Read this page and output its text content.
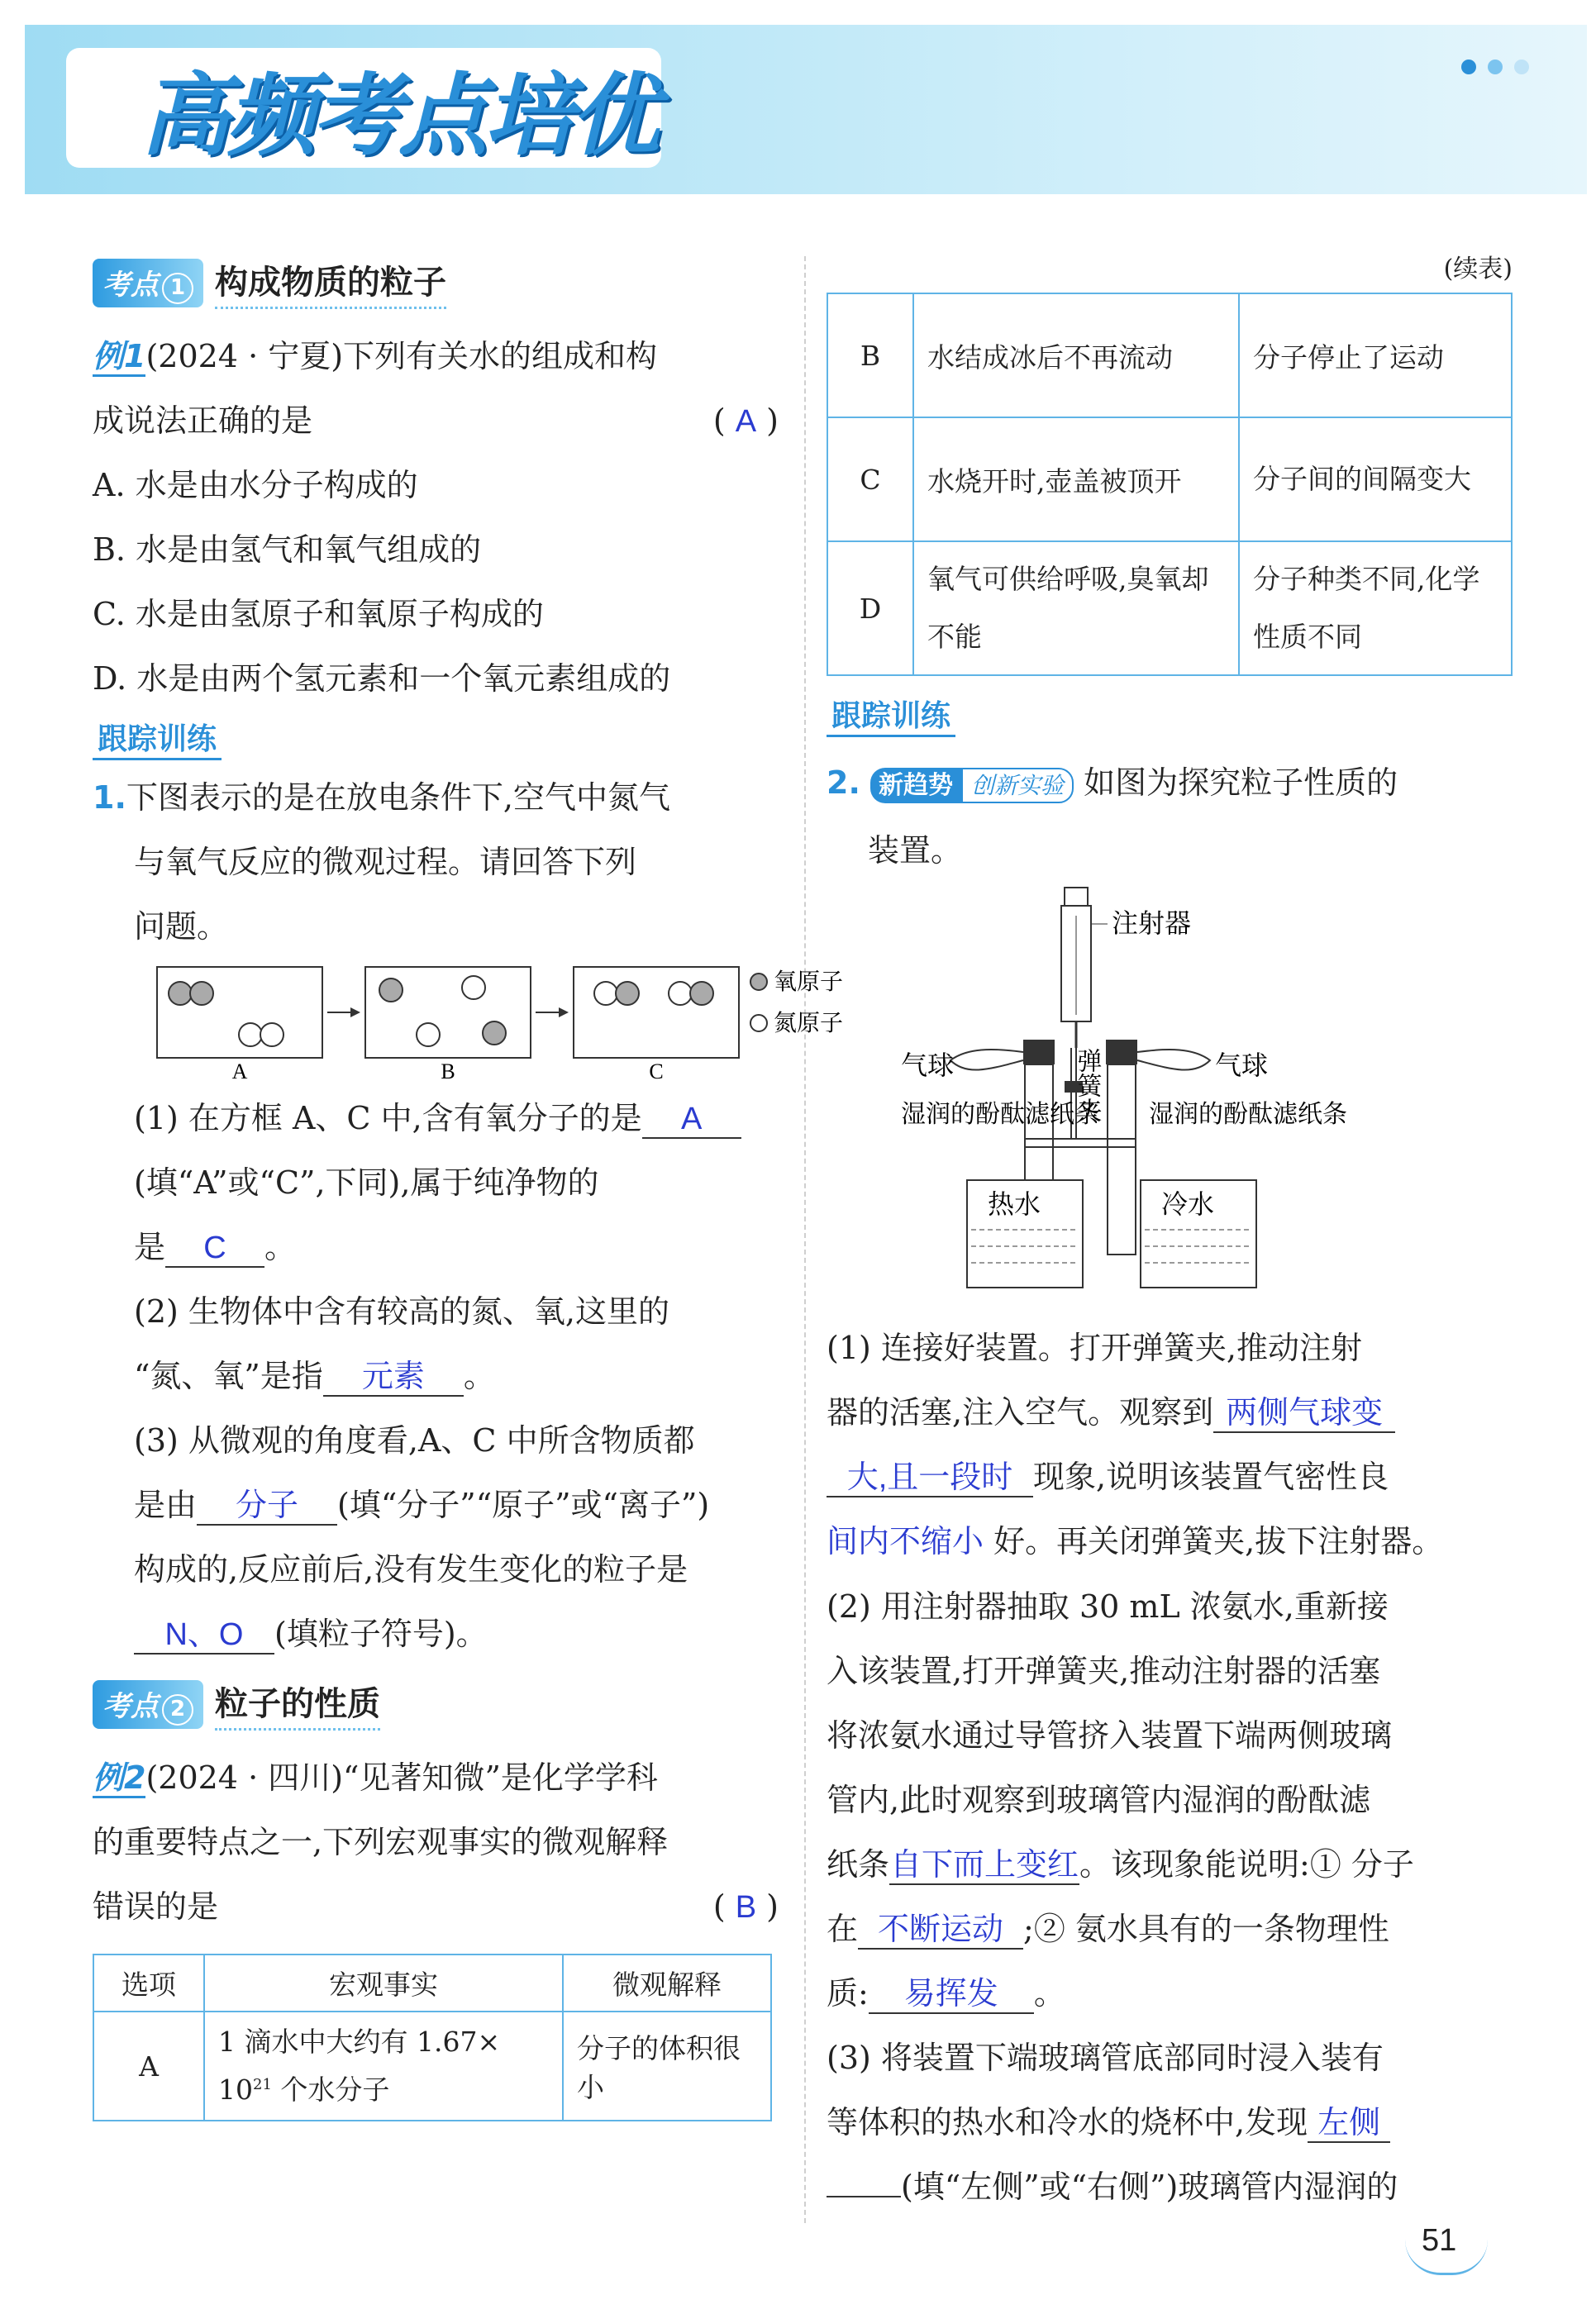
高频考点培优
考点 1 构成物质的粒子

例1(2024 · 宁夏)下列有关水的组成和构

成说法正确的是	( A )

A. 水是由水分子构成的

B. 水是由氢气和氧气组成的

C. 水是由氢原子和氧原子构成的

D. 水是由两个氢元素和一个氧元素组成的

跟踪训练

1.下图表示的是在放电条件下,空气中氮气

与氧气反应的微观过程。请回答下列

问题。

A	B	C
氧原子
氮原子

(1) 在方框 A、C 中,含有氧分子的是 A

(填“A”或“C”,下同),属于纯净物的

是 C 。

(2) 生物体中含有较高的氮、氧,这里的

“氮、氧”是指 元素 。

(3) 从微观的角度看,A、C 中所含物质都

是由 分子 (填“分子”“原子”或“离子”)

构成的,反应前后,没有发生变化的粒子是

N、O (填粒子符号)。

考点 2 粒子的性质

例2(2024 · 四川)“见著知微”是化学学科

的重要特点之一,下列宏观事实的微观解释

错误的是	( B )

选项	宏观事实	微观解释
A	1 滴水中大约有 1.67×
$10^{21}$ 个水分子	分子的体积很小
(续表)
B	水结成冰后不再流动	分子停止了运动
C	水烧开时,壶盖被顶开	分子间的间隔变大
D	氧气可供给呼吸,臭氧却不能	分子种类不同,化学性质不同
跟踪训练

2. 新趋势 创新实验 如图为探究粒子性质的

装置。

注射器
弹簧夹
气球	气球
湿润的酚酞滤纸条 湿润的酚酞滤纸条
热水	冷水

(1) 连接好装置。打开弹簧夹,推动注射

器的活塞,注入空气。观察到 两侧气球变

大,且一段时 现象,说明该装置气密性良

间内不缩小 好。再关闭弹簧夹,拔下注射器。

(2) 用注射器抽取 30 mL 浓氨水,重新接

入该装置,打开弹簧夹,推动注射器的活塞

将浓氨水通过导管挤入装置下端两侧玻璃

管内,此时观察到玻璃管内湿润的酚酞滤

纸条自下而上变红。该现象能说明:① 分子

在 不断运动 ;② 氨水具有的一条物理性

质: 易挥发 。

(3) 将装置下端玻璃管底部同时浸入装有

等体积的热水和冷水的烧杯中,发现 左侧

(填“左侧”或“右侧”)玻璃管内湿润的

51
